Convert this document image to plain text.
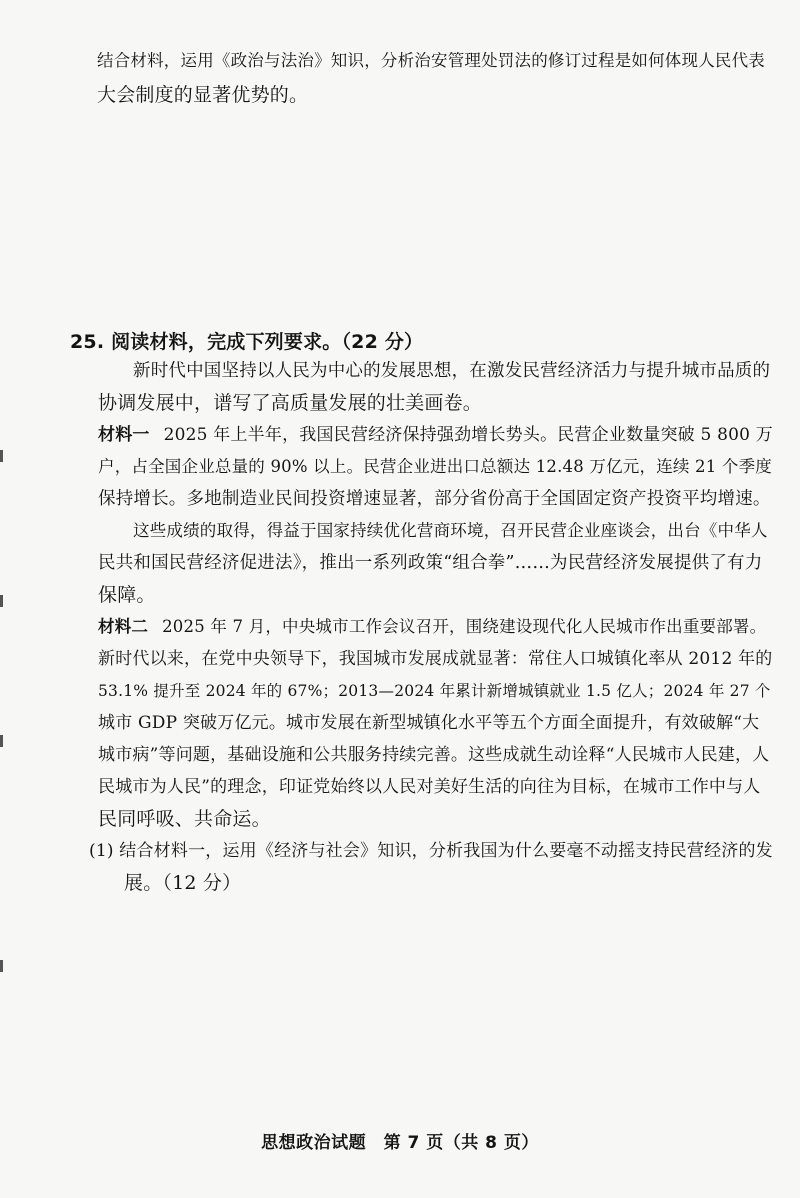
结合材料，运用《政治与法治》知识，分析治安管理处罚法的修订过程是如何体现人民代表
大会制度的显著优势的。
25. 阅读材料，完成下列要求。（22 分）
新时代中国坚持以人民为中心的发展思想，在激发民营经济活力与提升城市品质的
协调发展中，谱写了高质量发展的壮美画卷。
材料一 2025 年上半年，我国民营经济保持强劲增长势头。民营企业数量突破 5 800 万
户，占全国企业总量的 90% 以上。民营企业进出口总额达 12.48 万亿元，连续 21 个季度
保持增长。多地制造业民间投资增速显著，部分省份高于全国固定资产投资平均增速。
这些成绩的取得，得益于国家持续优化营商环境，召开民营企业座谈会，出台《中华人
民共和国民营经济促进法》，推出一系列政策“组合拳”……为民营经济发展提供了有力
保障。
材料二 2025 年 7 月，中央城市工作会议召开，围绕建设现代化人民城市作出重要部署。
新时代以来，在党中央领导下，我国城市发展成就显著：常住人口城镇化率从 2012 年的
53.1% 提升至 2024 年的 67%；2013—2024 年累计新增城镇就业 1.5 亿人；2024 年 27 个
城市 GDP 突破万亿元。城市发展在新型城镇化水平等五个方面全面提升，有效破解“大
城市病”等问题，基础设施和公共服务持续完善。这些成就生动诠释“人民城市人民建，人
民城市为人民”的理念，印证党始终以人民对美好生活的向往为目标，在城市工作中与人
民同呼吸、共命运。
(1) 结合材料一，运用《经济与社会》知识，分析我国为什么要毫不动摇支持民营经济的发
展。（12 分）
思想政治试题　第 7 页（共 8 页）
